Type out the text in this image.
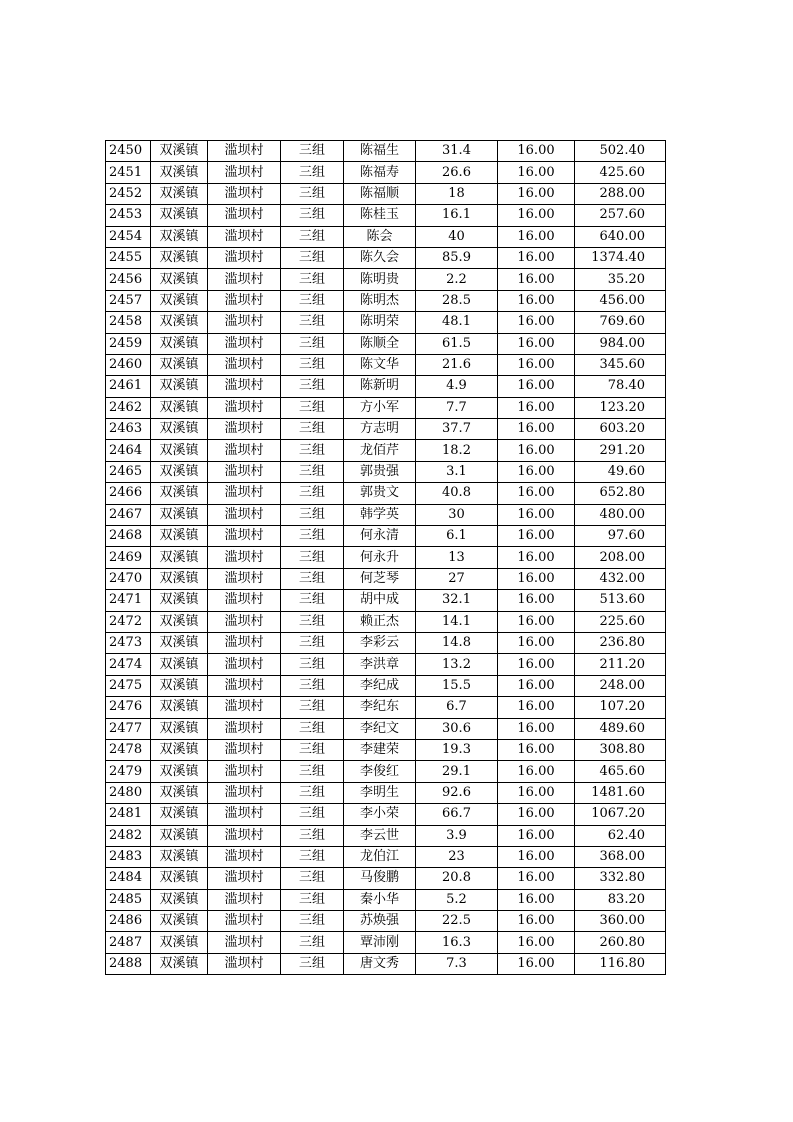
2450	双溪镇	滥坝村	三组	陈福生	31.4	16.00	502.40
2451	双溪镇	滥坝村	三组	陈福寿	26.6	16.00	425.60
2452	双溪镇	滥坝村	三组	陈福顺	18	16.00	288.00
2453	双溪镇	滥坝村	三组	陈桂玉	16.1	16.00	257.60
2454	双溪镇	滥坝村	三组	陈会	40	16.00	640.00
2455	双溪镇	滥坝村	三组	陈久会	85.9	16.00	1374.40
2456	双溪镇	滥坝村	三组	陈明贵	2.2	16.00	35.20
2457	双溪镇	滥坝村	三组	陈明杰	28.5	16.00	456.00
2458	双溪镇	滥坝村	三组	陈明荣	48.1	16.00	769.60
2459	双溪镇	滥坝村	三组	陈顺全	61.5	16.00	984.00
2460	双溪镇	滥坝村	三组	陈文华	21.6	16.00	345.60
2461	双溪镇	滥坝村	三组	陈新明	4.9	16.00	78.40
2462	双溪镇	滥坝村	三组	方小军	7.7	16.00	123.20
2463	双溪镇	滥坝村	三组	方志明	37.7	16.00	603.20
2464	双溪镇	滥坝村	三组	龙佰芹	18.2	16.00	291.20
2465	双溪镇	滥坝村	三组	郭贵强	3.1	16.00	49.60
2466	双溪镇	滥坝村	三组	郭贵文	40.8	16.00	652.80
2467	双溪镇	滥坝村	三组	韩学英	30	16.00	480.00
2468	双溪镇	滥坝村	三组	何永清	6.1	16.00	97.60
2469	双溪镇	滥坝村	三组	何永升	13	16.00	208.00
2470	双溪镇	滥坝村	三组	何芝琴	27	16.00	432.00
2471	双溪镇	滥坝村	三组	胡中成	32.1	16.00	513.60
2472	双溪镇	滥坝村	三组	赖正杰	14.1	16.00	225.60
2473	双溪镇	滥坝村	三组	李彩云	14.8	16.00	236.80
2474	双溪镇	滥坝村	三组	李洪章	13.2	16.00	211.20
2475	双溪镇	滥坝村	三组	李纪成	15.5	16.00	248.00
2476	双溪镇	滥坝村	三组	李纪东	6.7	16.00	107.20
2477	双溪镇	滥坝村	三组	李纪文	30.6	16.00	489.60
2478	双溪镇	滥坝村	三组	李建荣	19.3	16.00	308.80
2479	双溪镇	滥坝村	三组	李俊红	29.1	16.00	465.60
2480	双溪镇	滥坝村	三组	李明生	92.6	16.00	1481.60
2481	双溪镇	滥坝村	三组	李小荣	66.7	16.00	1067.20
2482	双溪镇	滥坝村	三组	李云世	3.9	16.00	62.40
2483	双溪镇	滥坝村	三组	龙伯江	23	16.00	368.00
2484	双溪镇	滥坝村	三组	马俊鹏	20.8	16.00	332.80
2485	双溪镇	滥坝村	三组	秦小华	5.2	16.00	83.20
2486	双溪镇	滥坝村	三组	苏焕强	22.5	16.00	360.00
2487	双溪镇	滥坝村	三组	覃沛刚	16.3	16.00	260.80
2488	双溪镇	滥坝村	三组	唐文秀	7.3	16.00	116.80
